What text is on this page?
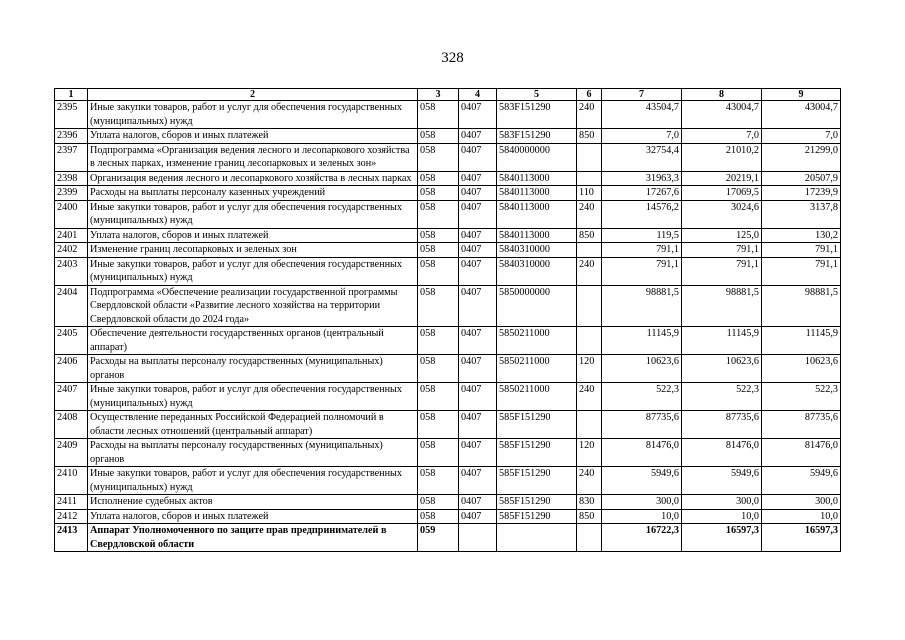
328
1	2	3	4	5	6	7	8	9
2395	Иные закупки товаров, работ и услуг для обеспечения государственных (муниципальных) нужд	058	0407	583F151290	240	43504,7	43004,7	43004,7
2396	Уплата налогов, сборов и иных платежей	058	0407	583F151290	850	7,0	7,0	7,0
2397	Подпрограмма «Организация ведения лесного и лесопаркового хозяйства в лесных парках, изменение границ лесопарковых и зеленых зон»	058	0407	5840000000		32754,4	21010,2	21299,0
2398	Организация ведения лесного и лесопаркового хозяйства в лесных парках	058	0407	5840113000		31963,3	20219,1	20507,9
2399	Расходы на выплаты персоналу казенных учреждений	058	0407	5840113000	110	17267,6	17069,5	17239,9
2400	Иные закупки товаров, работ и услуг для обеспечения государственных (муниципальных) нужд	058	0407	5840113000	240	14576,2	3024,6	3137,8
2401	Уплата налогов, сборов и иных платежей	058	0407	5840113000	850	119,5	125,0	130,2
2402	Изменение границ лесопарковых и зеленых зон	058	0407	5840310000		791,1	791,1	791,1
2403	Иные закупки товаров, работ и услуг для обеспечения государственных (муниципальных) нужд	058	0407	5840310000	240	791,1	791,1	791,1
2404	Подпрограмма «Обеспечение реализации государственной программы Свердловской области «Развитие лесного хозяйства на территории Свердловской области до 2024 года»	058	0407	5850000000		98881,5	98881,5	98881,5
2405	Обеспечение деятельности государственных органов (центральный аппарат)	058	0407	5850211000		11145,9	11145,9	11145,9
2406	Расходы на выплаты персоналу государственных (муниципальных) органов	058	0407	5850211000	120	10623,6	10623,6	10623,6
2407	Иные закупки товаров, работ и услуг для обеспечения государственных (муниципальных) нужд	058	0407	5850211000	240	522,3	522,3	522,3
2408	Осуществление переданных Российской Федерацией полномочий в области лесных отношений (центральный аппарат)	058	0407	585F151290		87735,6	87735,6	87735,6
2409	Расходы на выплаты персоналу государственных (муниципальных) органов	058	0407	585F151290	120	81476,0	81476,0	81476,0
2410	Иные закупки товаров, работ и услуг для обеспечения государственных (муниципальных) нужд	058	0407	585F151290	240	5949,6	5949,6	5949,6
2411	Исполнение судебных актов	058	0407	585F151290	830	300,0	300,0	300,0
2412	Уплата налогов, сборов и иных платежей	058	0407	585F151290	850	10,0	10,0	10,0
2413	Аппарат Уполномоченного по защите прав предпринимателей в Свердловской области	059				16722,3	16597,3	16597,3
